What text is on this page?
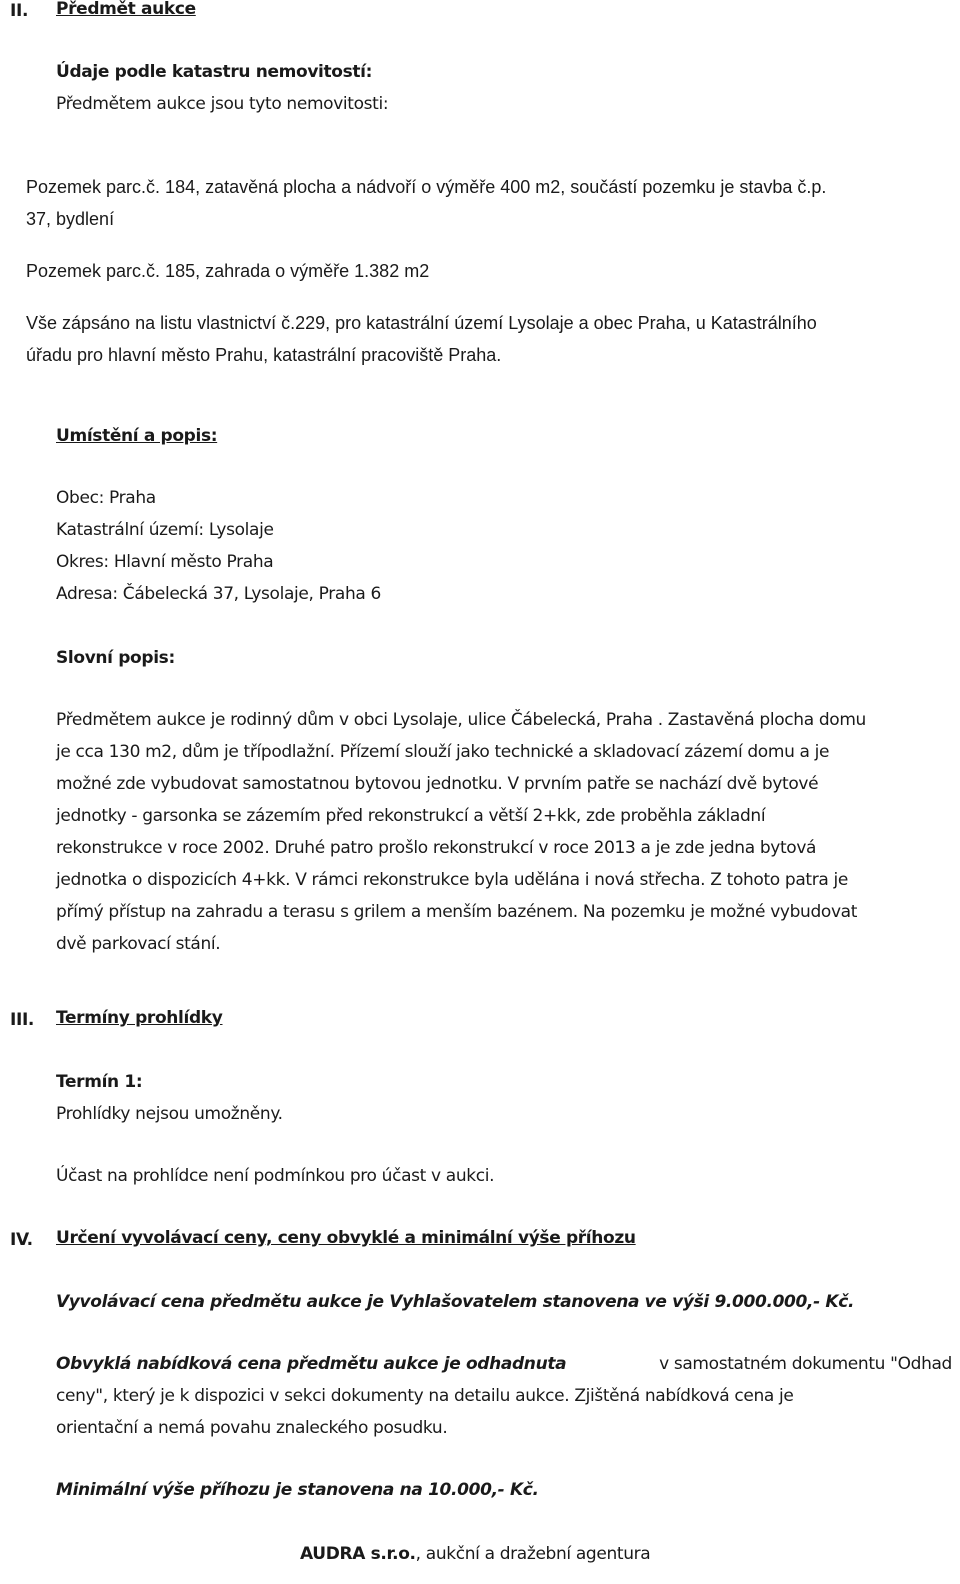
II. Předmět aukce
Údaje podle katastru nemovitostí:
Předmětem aukce jsou tyto nemovitosti:
Pozemek parc.č. 184, zatavěná plocha a nádvoří o výměře 400 m2, součástí pozemku je stavba č.p.
37, bydlení
Pozemek parc.č. 185, zahrada o výměře 1.382 m2
Vše zápsáno na listu vlastnictví č.229, pro katastrální území Lysolaje a obec Praha, u Katastrálního
úřadu pro hlavní město Prahu, katastrální pracoviště Praha.
Umístění a popis:
Obec: Praha
Katastrální území: Lysolaje
Okres: Hlavní město Praha
Adresa: Čábelecká 37, Lysolaje, Praha 6
Slovní popis:
Předmětem aukce je rodinný dům v obci Lysolaje, ulice Čábelecká, Praha . Zastavěná plocha domu
je cca 130 m2, dům je třípodlažní. Přízemí slouží jako technické a skladovací zázemí domu a je
možné zde vybudovat samostatnou bytovou jednotku. V prvním patře se nachází dvě bytové
jednotky - garsonka se zázemím před rekonstrukcí a větší 2+kk, zde proběhla základní
rekonstrukce v roce 2002. Druhé patro prošlo rekonstrukcí v roce 2013 a je zde jedna bytová
jednotka o dispozicích 4+kk. V rámci rekonstrukce byla udělána i nová střecha. Z tohoto patra je
přímý přístup na zahradu a terasu s grilem a menším bazénem. Na pozemku je možné vybudovat
dvě parkovací stání.
III. Termíny prohlídky
Termín 1:
Prohlídky nejsou umožněny.
Účast na prohlídce není podmínkou pro účast v aukci.
IV. Určení vyvolávací ceny, ceny obvyklé a minimální výše příhozu
Vyvolávací cena předmětu aukce je Vyhlašovatelem stanovena ve výši 9.000.000,- Kč.
Obvyklá nabídková cena předmětu aukce je odhadnuta	v samostatném dokumentu "Odhad
ceny", který je k dispozici v sekci dokumenty na detailu aukce. Zjištěná nabídková cena je
orientační a nemá povahu znaleckého posudku.
Minimální výše příhozu je stanovena na 10.000,- Kč.
AUDRA s.r.o., aukční a dražební agentura
